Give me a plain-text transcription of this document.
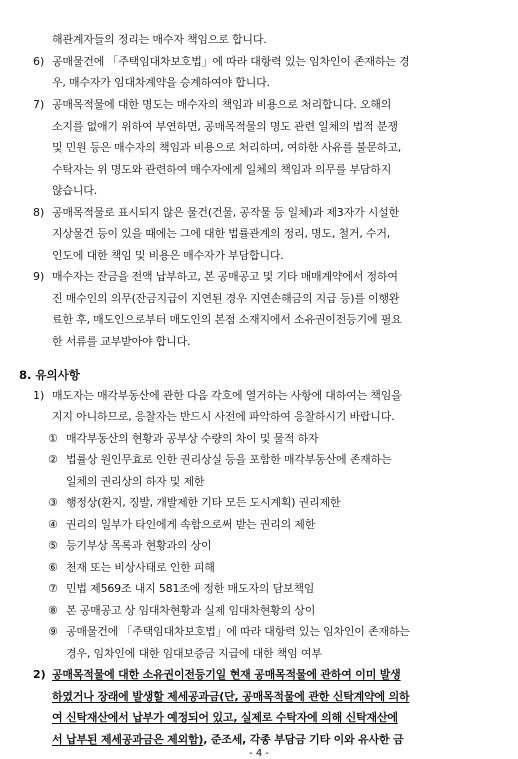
해관계자들의 정리는 매수자 책임으로 합니다.
6) 공매물건에 「주택임대차보호법」에 따라 대항력 있는 임차인이 존재하는 경
우, 매수자가 임대차계약을 승계하여야 합니다.
7) 공매목적물에 대한 명도는 매수자의 책임과 비용으로 처리합니다. 오해의
소지를 없애기 위하여 부연하면, 공매목적물의 명도 관련 일체의 법적 분쟁
및 민원 등은 매수자의 책임과 비용으로 처리하며, 여하한 사유를 불문하고,
수탁자는 위 명도와 관련하여 매수자에게 일체의 책임과 의무를 부담하지
않습니다.
8) 공매목적물로 표시되지 않은 물건(건물, 공작물 등 일체)과 제3자가 시설한
지상물건 등이 있을 때에는 그에 대한 법률관계의 정리, 명도, 철거, 수거,
인도에 대한 책임 및 비용은 매수자가 부담합니다.
9) 매수자는 잔금을 전액 납부하고, 본 공매공고 및 기타 매매계약에서 정하여
진 매수인의 의무(잔금지급이 지연된 경우 지연손해금의 지급 등)를 이행완
료한 후, 매도인으로부터 매도인의 본점 소재지에서 소유권이전등기에 필요
한 서류를 교부받아야 합니다.
8. 유의사항
1) 매도자는 매각부동산에 관한 다음 각호에 열거하는 사항에 대하여는 책임을
지지 아니하므로, 응찰자는 반드시 사전에 파악하여 응찰하시기 바랍니다.
① 매각부동산의 현황과 공부상 수량의 차이 및 물적 하자
② 법률상 원인무효로 인한 권리상실 등을 포함한 매각부동산에 존재하는
일체의 권리상의 하자 및 제한
③ 행정상(환지, 징발, 개발제한 기타 모든 도시계획) 권리제한
④ 권리의 일부가 타인에게 속함으로써 받는 권리의 제한
⑤ 등기부상 목록과 현황과의 상이
⑥ 천재 또는 비상사태로 인한 피해
⑦ 민법 제569조 내지 581조에 정한 매도자의 담보책임
⑧ 본 공매공고 상 임대차현황과 실제 임대차현황의 상이
⑨ 공매물건에 「주택임대차보호법」에 따라 대항력 있는 임차인이 존재하는
경우, 임차인에 대한 임대보증금 지급에 대한 책임 여부
2) 공매목적물에 대한 소유권이전등기일 현재 공매목적물에 관하여 이미 발생
하였거나 장래에 발생할 제세공과금(단, 공매목적물에 관한 신탁계약에 의하
여 신탁재산에서 납부가 예정되어 있고, 실제로 수탁자에 의해 신탁재산에
서 납부된 제세공과금은 제외함), 준조세, 각종 부담금 기타 이와 유사한 금
- 4 -
